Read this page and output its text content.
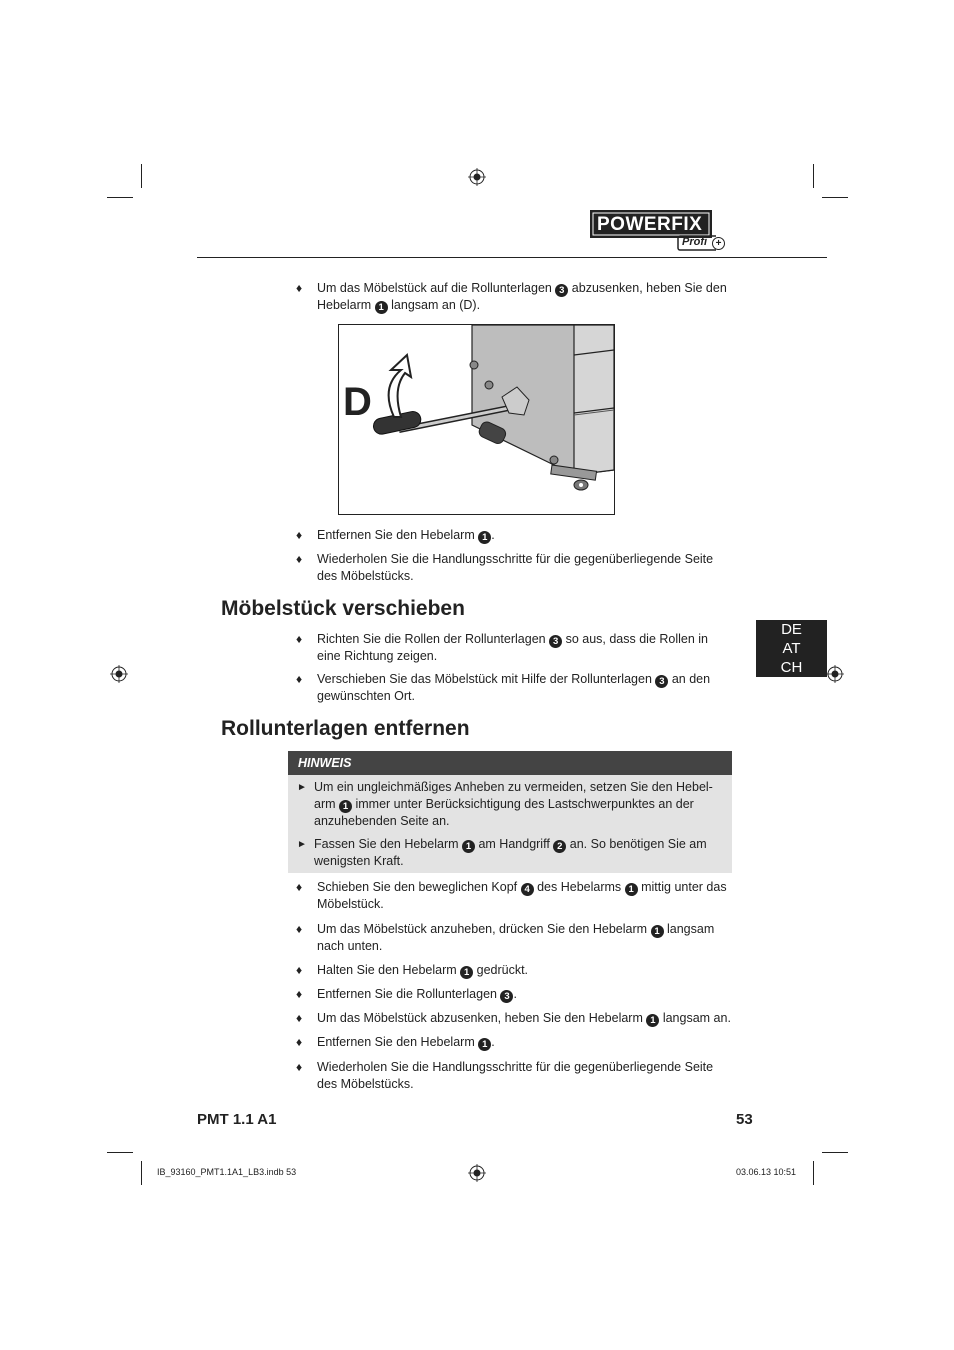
POWERFIX
Profi +
♦ Um das Möbelstück auf die Rollunterlagen 3 abzusenken, heben Sie den Hebelarm 1 langsam an (D).
D
♦ Entfernen Sie den Hebelarm 1 .
♦ Wiederholen Sie die Handlungsschritte für die gegenüberliegende Seite des Möbelstücks.
Möbelstück verschieben
♦ Richten Sie die Rollen der Rollunterlagen 3 so aus, dass die Rollen in eine Richtung zeigen.
♦ Verschieben Sie das Möbelstück mit Hilfe der Rollunterlagen 3 an den gewünschten Ort.
DE
AT
CH
Rollunterlagen entfernen
HINWEIS
► Um ein ungleichmäßiges Anheben zu vermeiden, setzen Sie den Hebel-arm 1 immer unter Berücksichtigung des Lastschwerpunktes an der anzuhebenden Seite an.
► Fassen Sie den Hebelarm 1 am Handgriff 2 an. So benötigen Sie am wenigsten Kraft.
♦ Schieben Sie den beweglichen Kopf 4 des Hebelarms 1 mittig unter das Möbelstück.
♦ Um das Möbelstück anzuheben, drücken Sie den Hebelarm 1 langsam nach unten.
♦ Halten Sie den Hebelarm 1 gedrückt.
♦ Entfernen Sie die Rollunterlagen 3 .
♦ Um das Möbelstück abzusenken, heben Sie den Hebelarm 1 langsam an.
♦ Entfernen Sie den Hebelarm 1 .
♦ Wiederholen Sie die Handlungsschritte für die gegenüberliegende Seite des Möbelstücks.
PMT 1.1 A1	53
IB_93160_PMT1.1A1_LB3.indb 53	03.06.13 10:51
